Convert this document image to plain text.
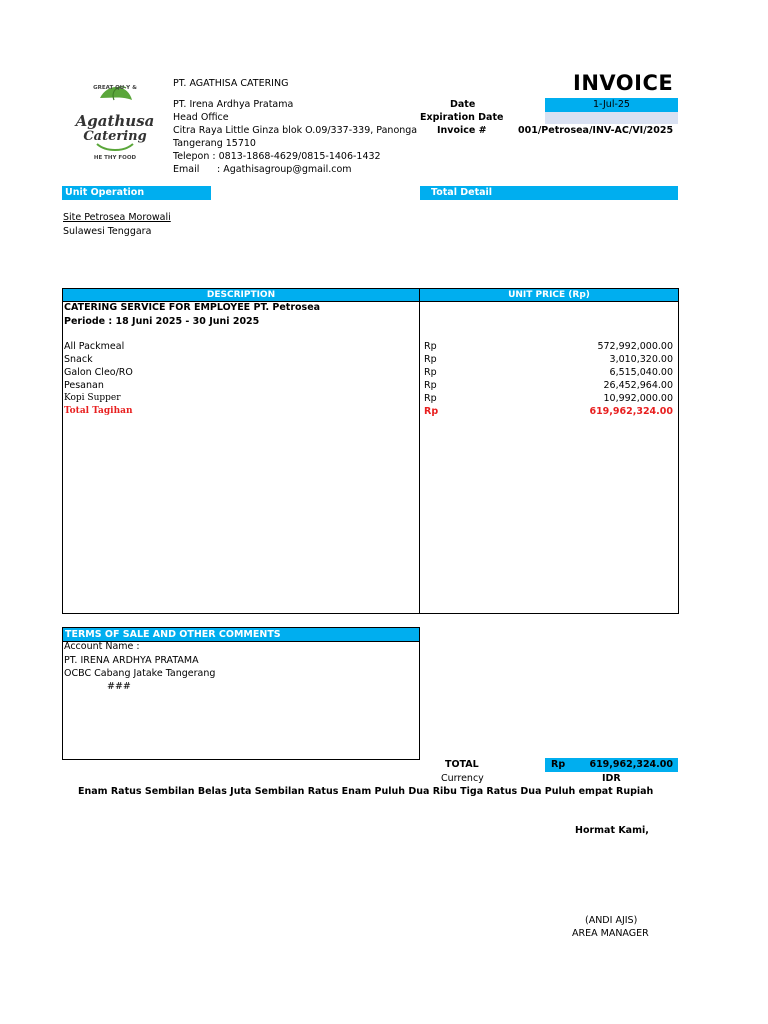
Agathusa
Catering
GREAT QU Y &
HE THY FOOD
PT. AGATHISA CATERING
PT. Irena Ardhya Pratama
Head Office
Citra Raya Little Ginza blok O.09/337-339, Panonga
Tangerang 15710
Telepon : 0813-1868-4629/0815-1406-1432
Email : Agathisagroup@gmail.com
INVOICE
Date	1-Jul-25
Expiration Date
Invoice #	001/Petrosea/INV-AC/VI/2025
Unit Operation	Total Detail
Site Petrosea Morowali
Sulawesi Tenggara
DESCRIPTION	UNIT PRICE (Rp)
CATERING SERVICE FOR EMPLOYEE PT. Petrosea
Periode : 18 Juni 2025 - 30 Juni 2025
All Packmeal	Rp	572,992,000.00
Snack	Rp	3,010,320.00
Galon Cleo/RO	Rp	6,515,040.00
Pesanan	Rp	26,452,964.00
Kopi Supper	Rp	10,992,000.00
Total Tagihan	Rp	619,962,324.00
TERMS OF SALE AND OTHER COMMENTS
Account Name :
PT. IRENA ARDHYA PRATAMA
OCBC Cabang Jatake Tangerang
###
TOTAL	Rp	619,962,324.00
Currency	IDR
Enam Ratus Sembilan Belas Juta Sembilan Ratus Enam Puluh Dua Ribu Tiga Ratus Dua Puluh empat Rupiah
Hormat Kami,
(ANDI AJIS)
AREA MANAGER
